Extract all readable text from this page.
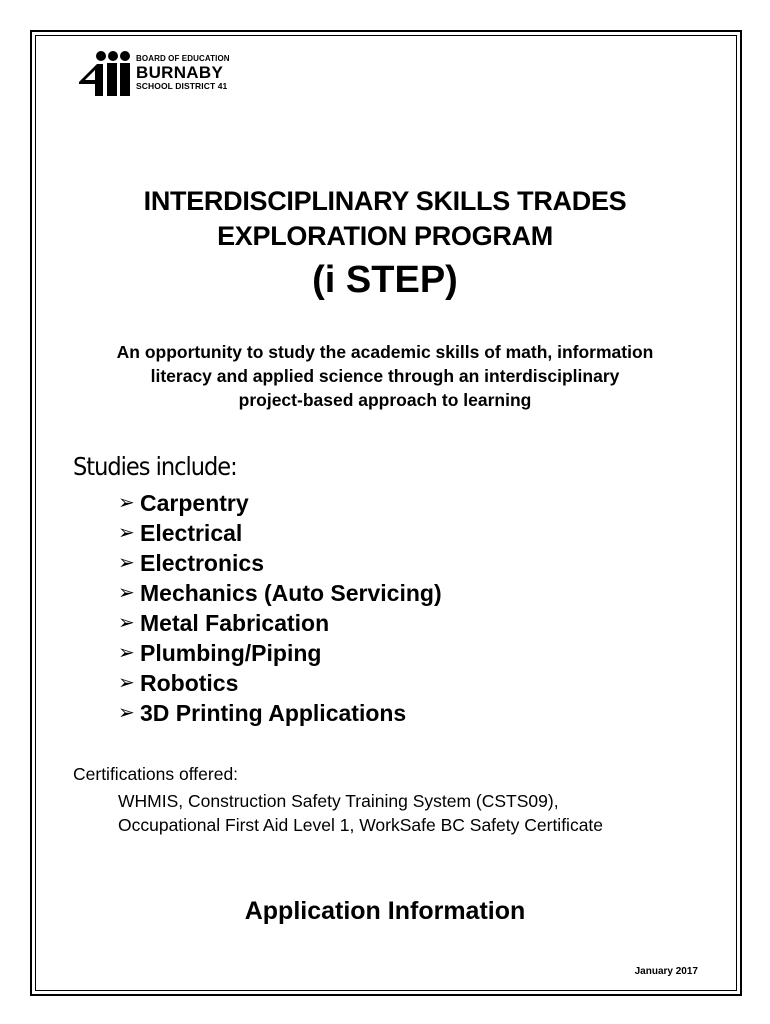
BOARD OF EDUCATION
BURNABY
SCHOOL DISTRICT 41
INTERDISCIPLINARY SKILLS TRADES
EXPLORATION PROGRAM
(i STEP)
An opportunity to study the academic skills of math, information
literacy and applied science through an interdisciplinary
project-based approach to learning
Studies include:
➢ Carpentry
➢ Electrical
➢ Electronics
➢ Mechanics (Auto Servicing)
➢ Metal Fabrication
➢ Plumbing/Piping
➢ Robotics
➢ 3D Printing Applications
Certifications offered:
WHMIS, Construction Safety Training System (CSTS09),
Occupational First Aid Level 1, WorkSafe BC Safety Certificate
Application Information
January 2017
